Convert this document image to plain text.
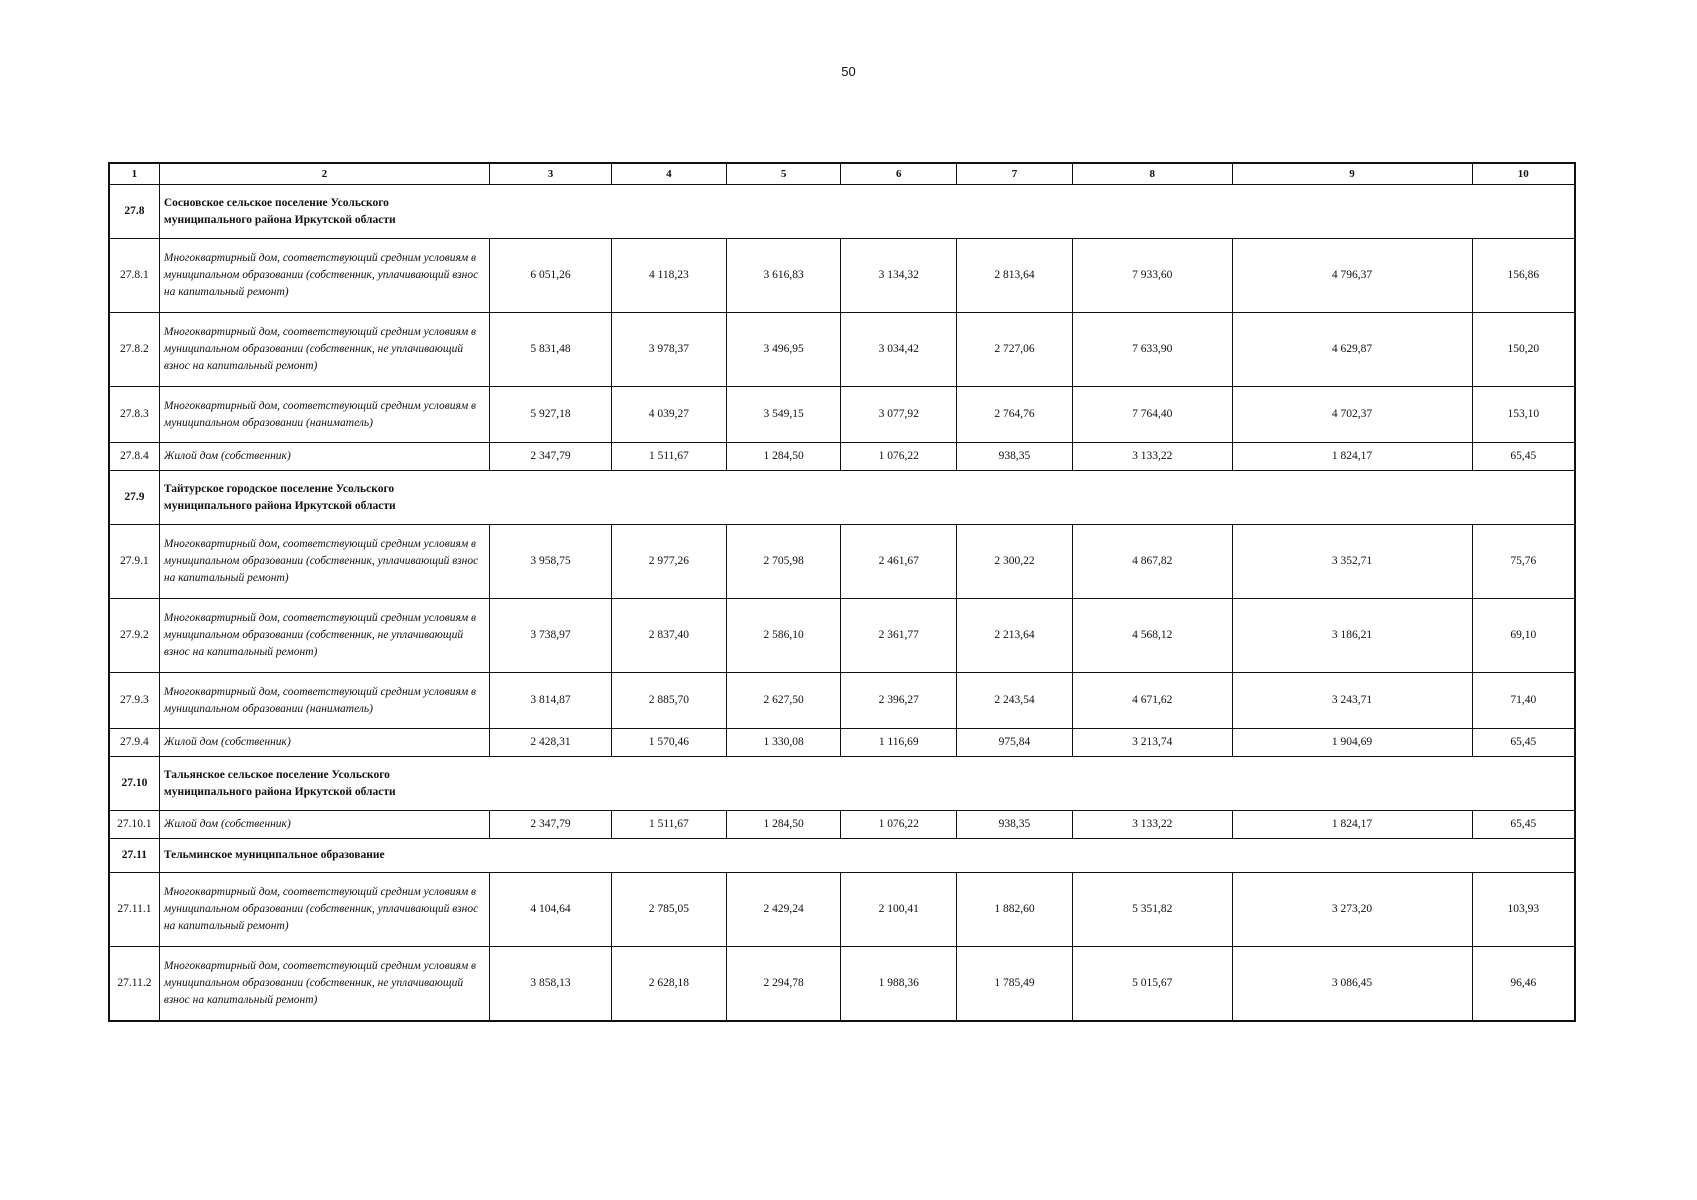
50
1	2	3	4	5	6	7	8	9	10
27.8	Сосновское сельское поселение Усольского муниципального района Иркутской области								

27.8.1	Многоквартирный дом, соответствующий средним условиям в муниципальном образовании (собственник, уплачивающий взнос на капитальный ремонт)	6 051,26	4 118,23	3 616,83	3 134,32	2 813,64	7 933,60	4 796,37	156,86
27.8.2	Многоквартирный дом, соответствующий средним условиям в муниципальном образовании (собственник, не уплачивающий взнос на капитальный ремонт)	5 831,48	3 978,37	3 496,95	3 034,42	2 727,06	7 633,90	4 629,87	150,20
27.8.3	Многоквартирный дом, соответствующий средним условиям в муниципальном образовании (наниматель)	5 927,18	4 039,27	3 549,15	3 077,92	2 764,76	7 764,40	4 702,37	153,10
27.8.4	Жилой дом (собственник)	2 347,79	1 511,67	1 284,50	1 076,22	938,35	3 133,22	1 824,17	65,45
27.9	Тайтурское городское поселение Усольского муниципального района Иркутской области								

27.9.1	Многоквартирный дом, соответствующий средним условиям в муниципальном образовании (собственник, уплачивающий взнос на капитальный ремонт)	3 958,75	2 977,26	2 705,98	2 461,67	2 300,22	4 867,82	3 352,71	75,76
27.9.2	Многоквартирный дом, соответствующий средним условиям в муниципальном образовании (собственник, не уплачивающий взнос на капитальный ремонт)	3 738,97	2 837,40	2 586,10	2 361,77	2 213,64	4 568,12	3 186,21	69,10
27.9.3	Многоквартирный дом, соответствующий средним условиям в муниципальном образовании (наниматель)	3 814,87	2 885,70	2 627,50	2 396,27	2 243,54	4 671,62	3 243,71	71,40
27.9.4	Жилой дом (собственник)	2 428,31	1 570,46	1 330,08	1 116,69	975,84	3 213,74	1 904,69	65,45
27.10	Тальянское сельское поселение Усольского муниципального района Иркутской области								

27.10.1	Жилой дом (собственник)	2 347,79	1 511,67	1 284,50	1 076,22	938,35	3 133,22	1 824,17	65,45
27.11	Тельминское муниципальное образование								

27.11.1	Многоквартирный дом, соответствующий средним условиям в муниципальном образовании (собственник, уплачивающий взнос на капитальный ремонт)	4 104,64	2 785,05	2 429,24	2 100,41	1 882,60	5 351,82	3 273,20	103,93
27.11.2	Многоквартирный дом, соответствующий средним условиям в муниципальном образовании (собственник, не уплачивающий взнос на капитальный ремонт)	3 858,13	2 628,18	2 294,78	1 988,36	1 785,49	5 015,67	3 086,45	96,46
